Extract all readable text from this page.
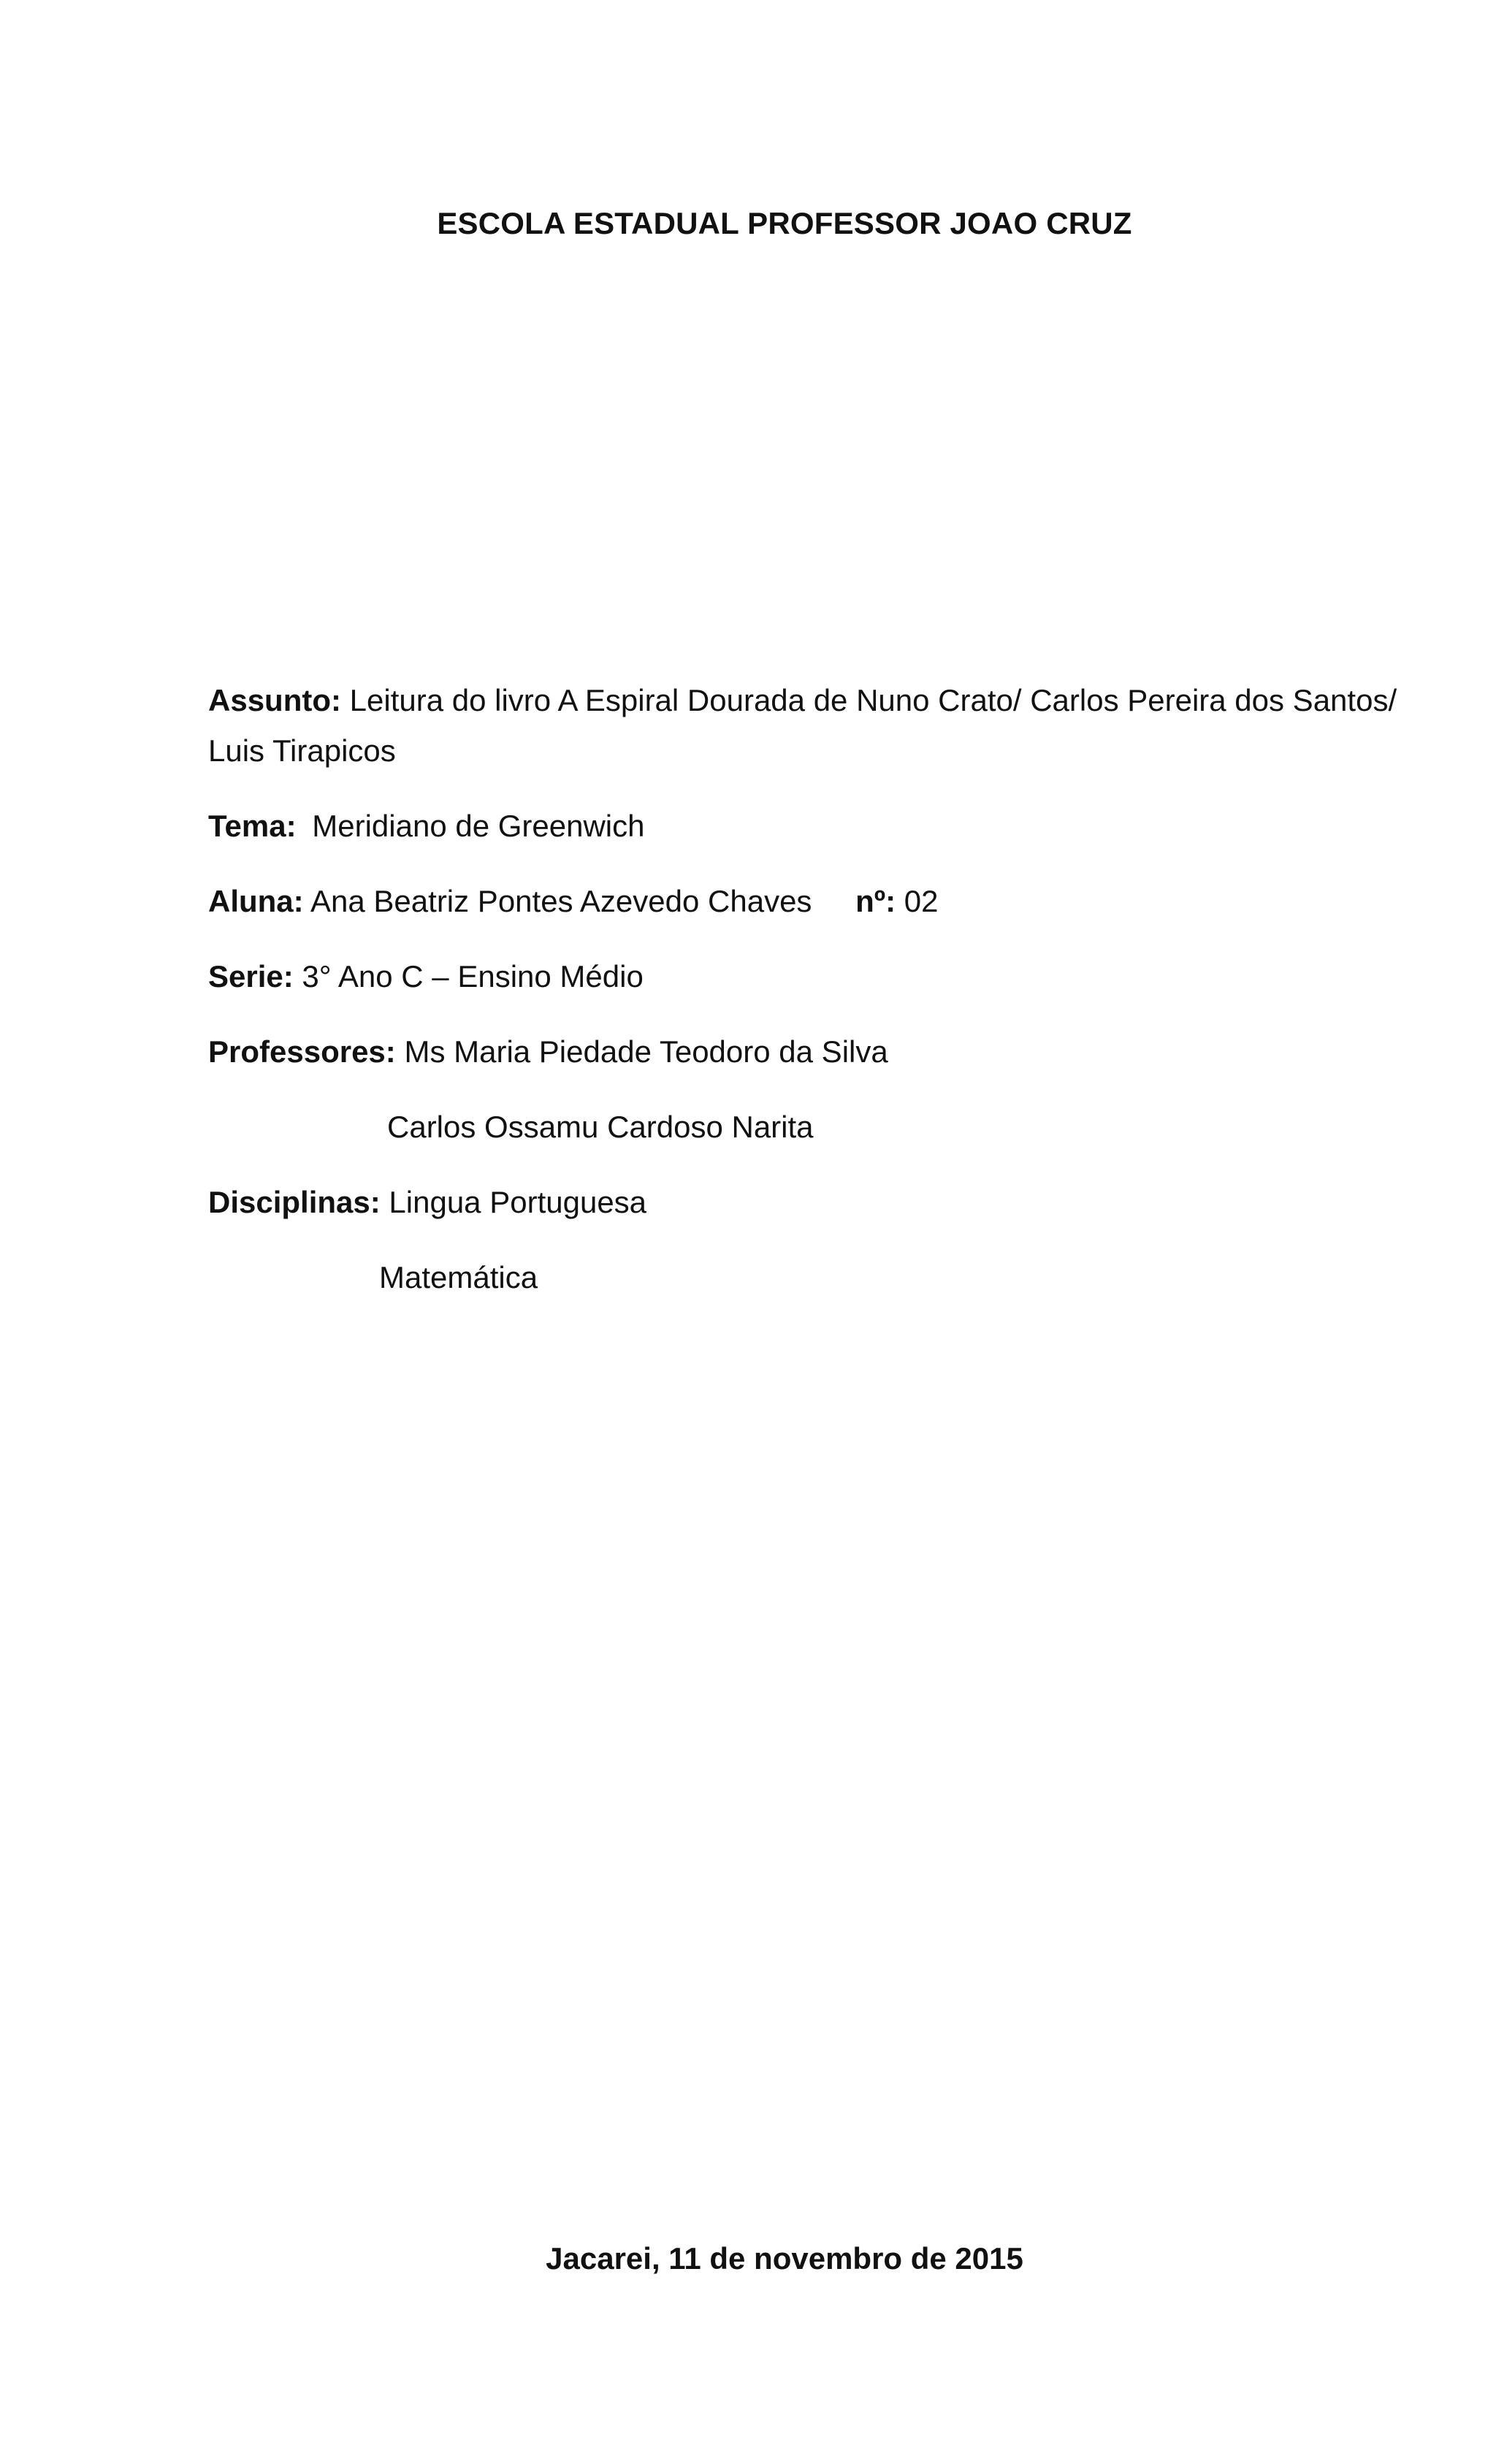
ESCOLA ESTADUAL PROFESSOR JOAO CRUZ
Assunto: Leitura do livro A Espiral Dourada de Nuno Crato/ Carlos Pereira dos Santos/
Luis Tirapicos
Tema: Meridiano de Greenwich
Aluna: Ana Beatriz Pontes Azevedo Chaves nº: 02
Serie: 3° Ano C – Ensino Médio
Professores: Ms Maria Piedade Teodoro da Silva
Carlos Ossamu Cardoso Narita
Disciplinas: Lingua Portuguesa
Matemática
Jacarei, 11 de novembro de 2015
